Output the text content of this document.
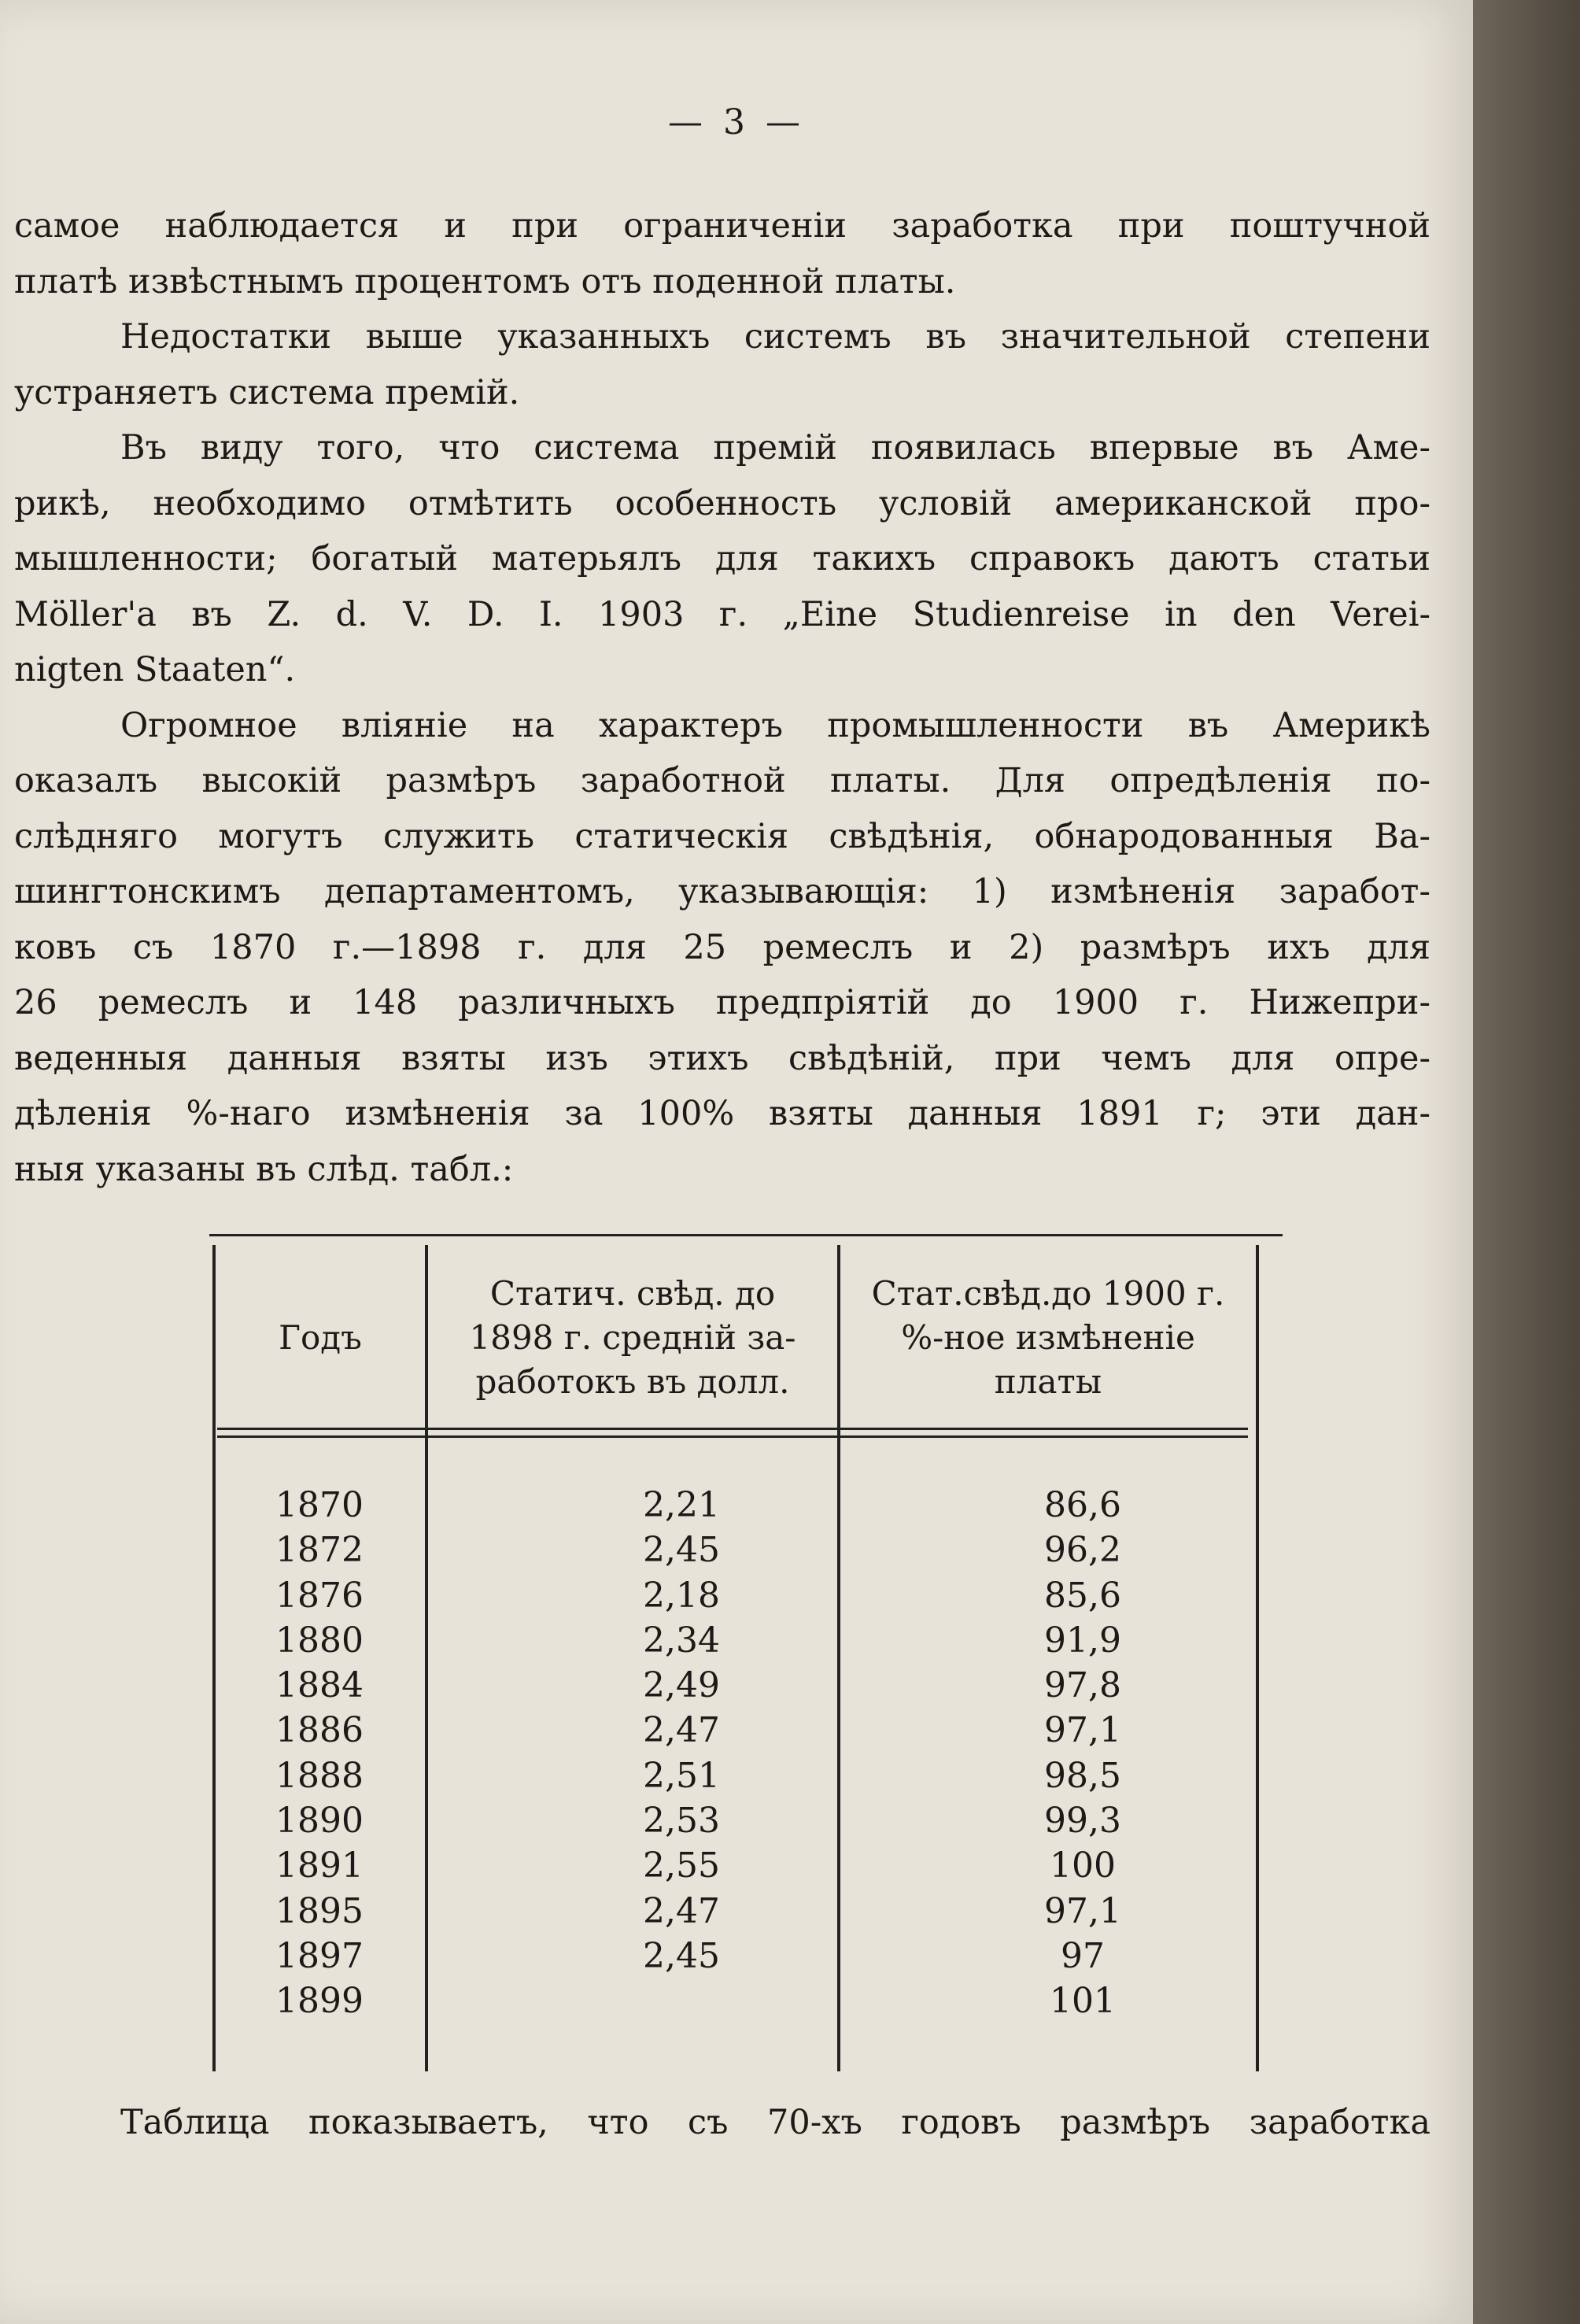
— 3 —
самое наблюдается и при ограниченіи заработка при поштучной
платѣ извѣстнымъ процентомъ отъ поденной платы.
Недостатки выше указанныхъ системъ въ значительной степени
устраняетъ система премій.
Въ виду того, что система премій появилась впервые въ Аме-
рикѣ, необходимо отмѣтить особенность условій американской про-
мышленности; богатый матерьялъ для такихъ справокъ даютъ статьи
Möller'a въ Z. d. V. D. I. 1903 г. „Eine Studienreise in den Verei-
nigten Staaten“.
Огромное вліяніе на характеръ промышленности въ Америкѣ
оказалъ высокій размѣръ заработной платы. Для опредѣленія по-
слѣдняго могутъ служить статическія свѣдѣнія, обнародованныя Ва-
шингтонскимъ департаментомъ, указывающія: 1) измѣненія заработ-
ковъ съ 1870 г.—1898 г. для 25 ремеслъ и 2) размѣръ ихъ для
26 ремеслъ и 148 различныхъ предпріятій до 1900 г. Нижепри-
веденныя данныя взяты изъ этихъ свѣдѣній, при чемъ для опре-
дѣленія %-наго измѣненія за 100% взяты данныя 1891 г; эти дан-
ныя указаны въ слѣд. табл.:
Годъ
Статич. свѣд. до
1898 г. средній за-
работокъ въ долл.
Стат.свѣд.до 1900 г.
%-ное измѣненіе
платы
1870
1872
1876
1880
1884
1886
1888
1890
1891
1895
1897
1899
2,21
2,45
2,18
2,34
2,49
2,47
2,51
2,53
2,55
2,47
2,45
86,6
96,2
85,6
91,9
97,8
97,1
98,5
99,3
100
97,1
97
101
Таблица показываетъ, что съ 70-хъ годовъ размѣръ заработка
